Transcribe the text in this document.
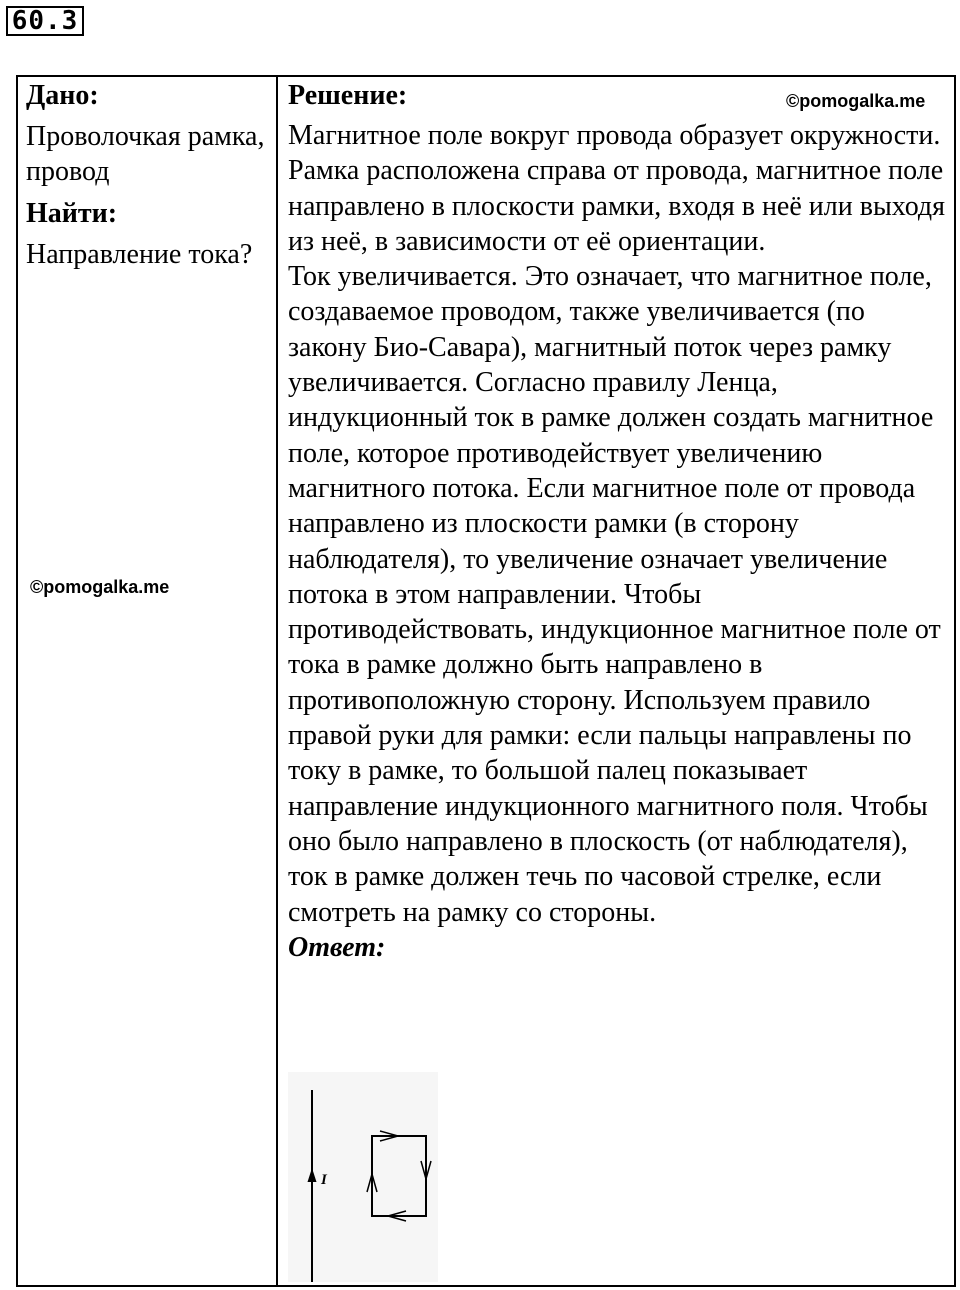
60.3
Дано:
Проволочкая рамка, провод
Найти:
Направление тока?
©pomogalka.me
©pomogalka.me
Решение:
Магнитное поле вокруг провода образует окружности. Рамка расположена справа от провода, магнитное поле направлено в плоскости рамки, входя в неё или выходя из неё, в зависимости от её ориентации.
Ток увеличивается. Это означает, что магнитное поле, создаваемое проводом, также увеличивается (по закону Био-Савара), магнитный поток через рамку увеличивается. Согласно правилу Ленца, индукционный ток в рамке должен создать магнитное поле, которое противодействует увеличению магнитного потока. Если магнитное поле от провода направлено из плоскости рамки (в сторону наблюдателя), то увеличение означает увеличение потока в этом направлении. Чтобы противодействовать, индукционное магнитное поле от тока в рамке должно быть направлено в противоположную сторону. Используем правило правой руки для рамки: если пальцы направлены по току в рамке, то большой палец показывает направление индукционного магнитного поля. Чтобы оно было направлено в плоскость (от наблюдателя), ток в рамке должен течь по часовой стрелке, если смотреть на рамку со стороны.
Ответ:
I
